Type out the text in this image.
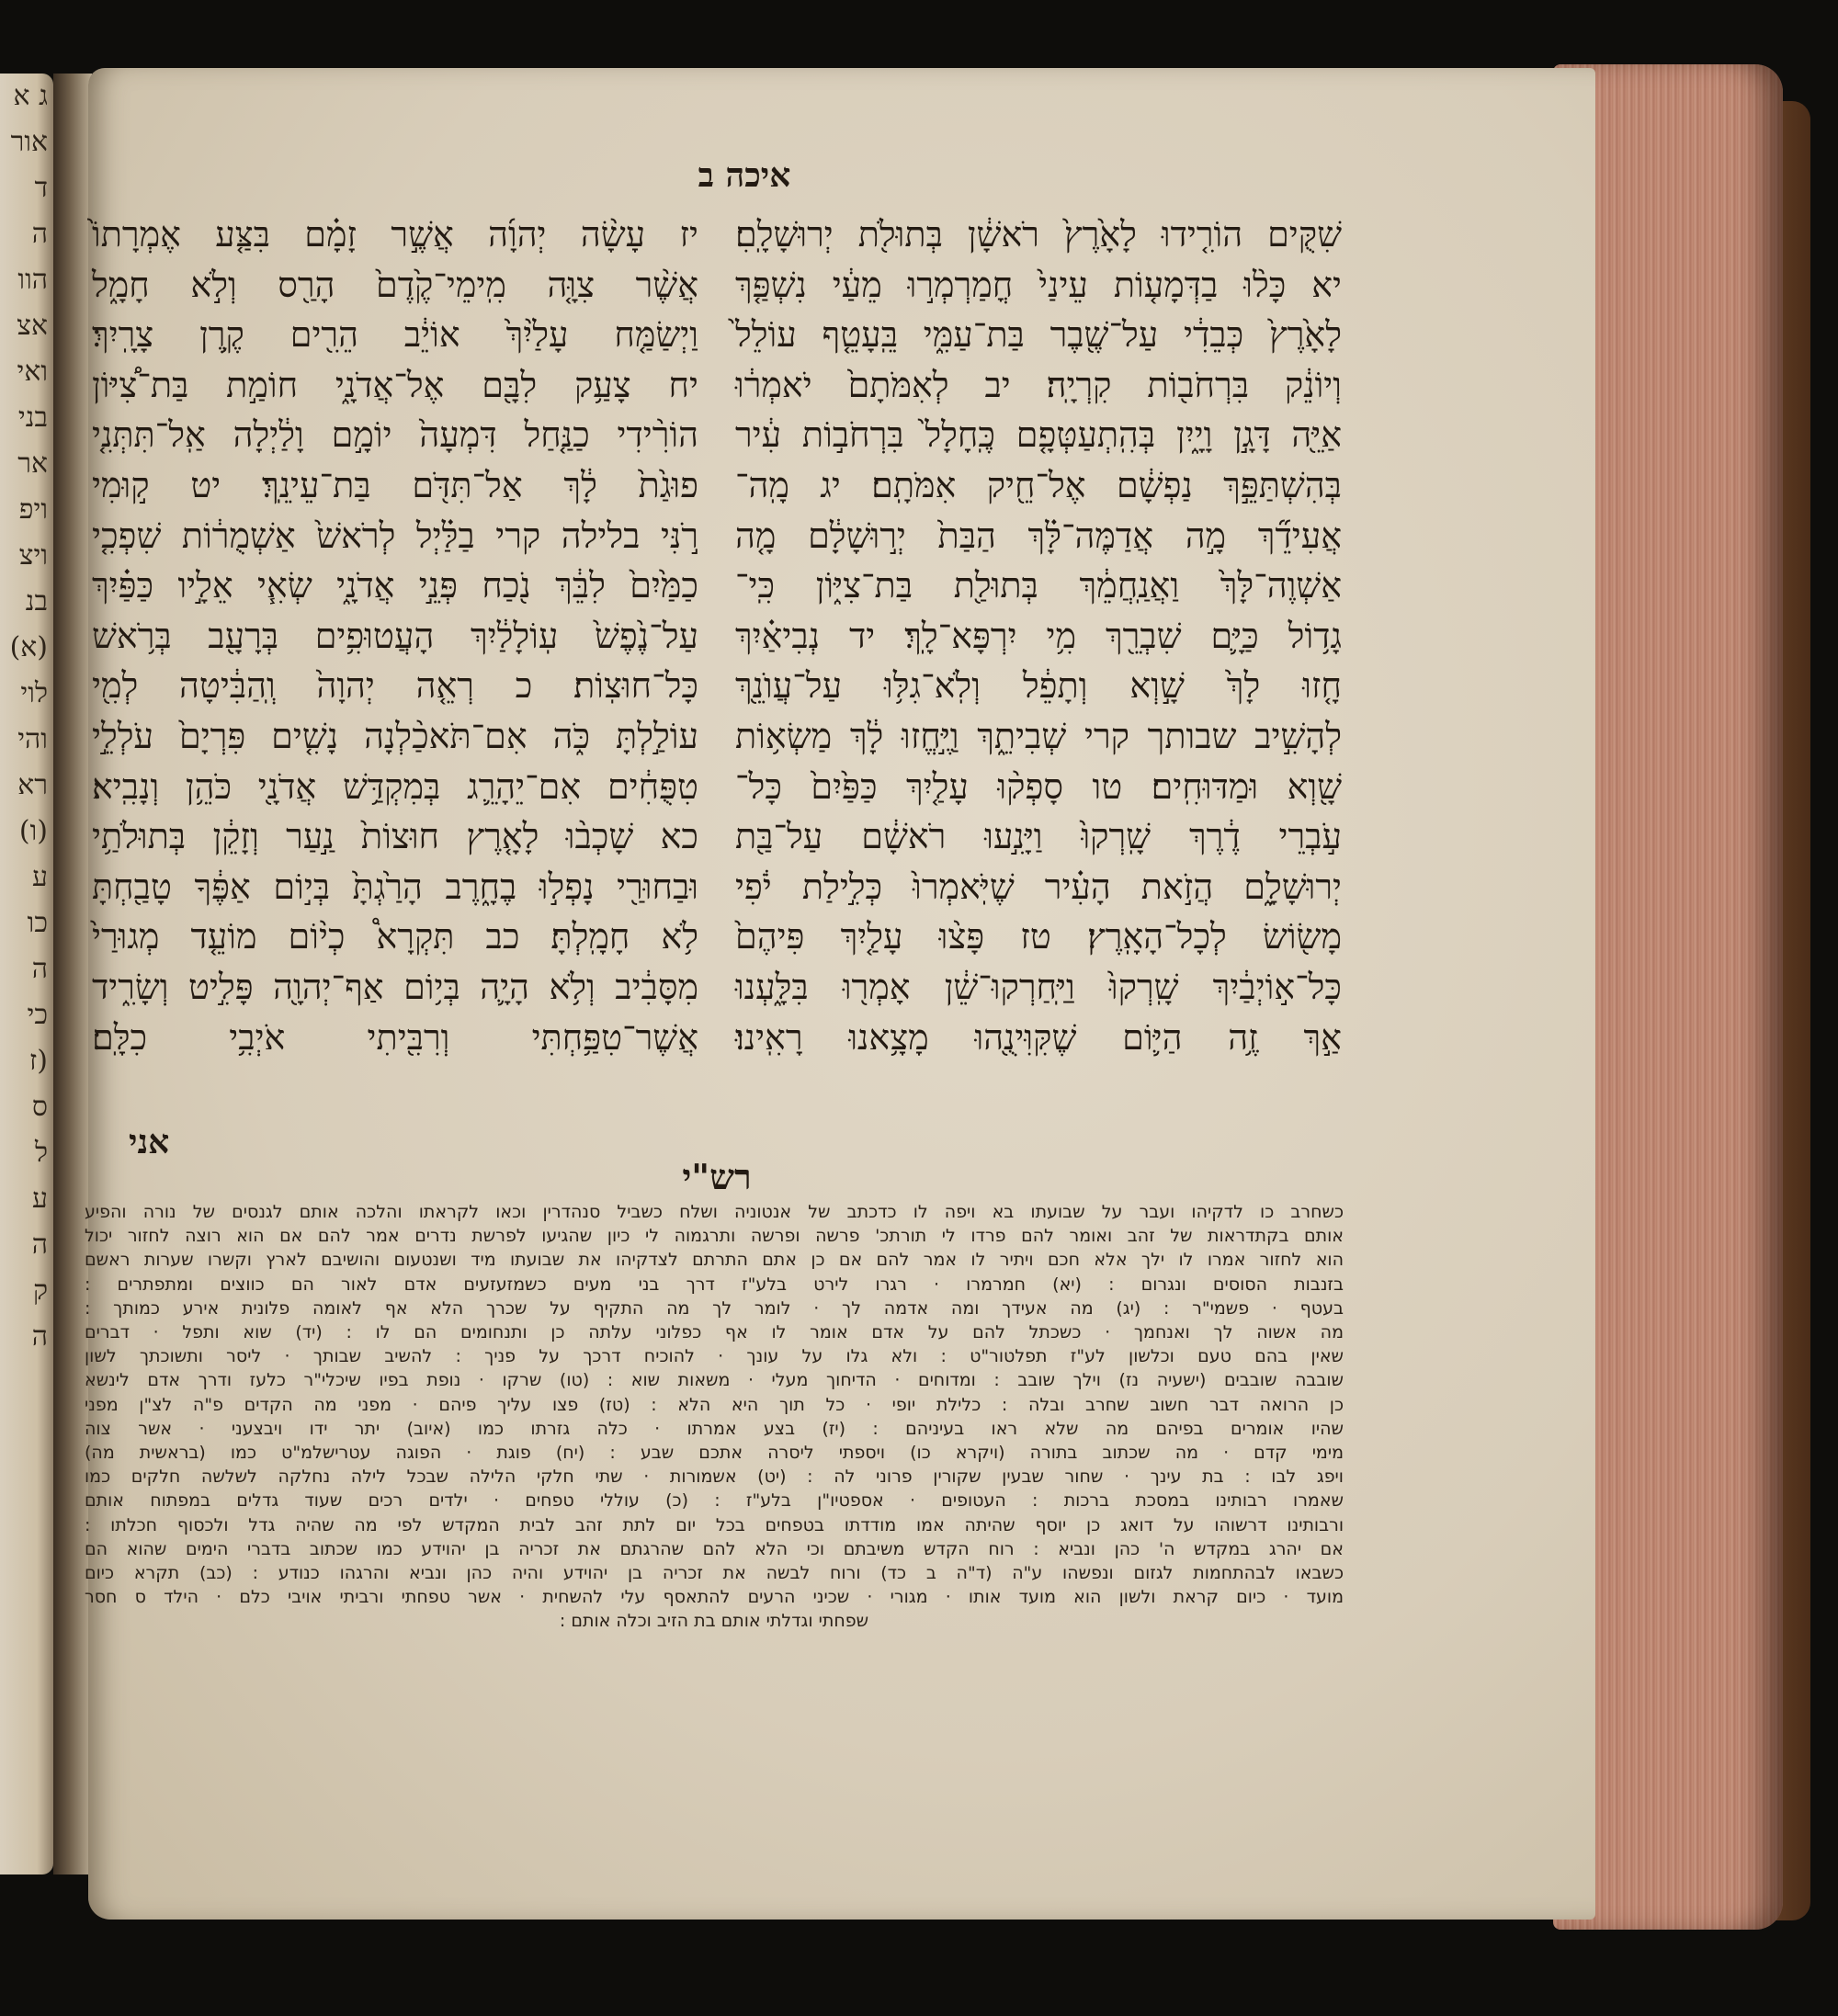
ג א
אור
ד
ה
הוו
אצ
ואי
בני
אר
ויפ
ויצ
בנ
(א)
לוי
והי
רא
(ו)
ע
כו
ה
כי
(ז
ס
ל
ע
ה
ק
ה
איכה ב
שִׁקֻּים הוֹרִ֤ידוּ לָאָ֙רֶץ֙ רֹאשָׁ֔ן בְּתוּלֹ֖ת יְרוּשָׁלָֽםִ׃
יא כָּל֨וּ בַדְּמָע֤וֹת עֵינַי֙ חֳמַרְמְר֣וּ מֵעַ֔י נִשְׁפַּ֤ךְ
לָאָ֙רֶץ֙ כְּבֵדִ֔י עַל־שֶׁ֖בֶר בַּת־עַמִּ֑י בֵּֽעָטֵ֤ף עוֹלֵל֙
וְיוֹנֵ֔ק בִּרְחֹב֖וֹת קִרְיָֽה׃ יב לְאִמֹּתָם֙ יֹאמְר֔וּ
אַיֵּ֖ה דָּגָ֣ן וָיָ֑יִן בְּהִֽתְעַטְּפָ֤ם כֶּֽחָלָל֙ בִּרְחֹב֣וֹת עִ֔יר
בְּהִשְׁתַּפֵּ֣ךְ נַפְשָׁ֔ם אֶל־חֵ֖יק אִמֹּתָֽם׃ יג מָֽה־
אֲעִידֵ֞ךְ מָ֣ה אֲדַמֶּה־לָּ֗ךְ הַבַּת֙ יְר֣וּשָׁלַ֔͏ִם מָ֤ה
אַשְׁוֶה־לָּךְ֙ וַאֲנַֽחֲמֵ֔ךְ בְּתוּלַ֖ת בַּת־צִיּ֑וֹן כִּֽי־
גָד֥וֹל כַּיָּ֛ם שִׁבְרֵ֖ךְ מִ֥י יִרְפָּא־לָֽךְ׃ יד נְבִיאַ֗יִךְ
חָ֤זוּ לָךְ֙ שָׁ֣וְא וְתָפֵ֔ל וְלֹֽא־גִלּ֥וּ עַל־עֲוֺנֵ֖ךְ
לְהָשִׁ֣יב שבותך קרי שְׁבִיתֵ֑ךְ וַיֶּ֣חֱזוּ לָ֔ךְ מַשְׂא֥וֹת
שָׁ֖וְא וּמַדּוּחִֽים׃ טו סָפְק֨וּ עָלַ֤יִךְ כַּפַּ֙יִם֙ כָּל־
עֹ֣בְרֵי דֶ֔רֶךְ שָֽׁרְקוּ֙ וַיָּנִ֣עוּ רֹאשָׁ֔ם עַל־בַּ֖ת
יְרוּשָׁלָ֑͏ִם הֲזֹ֣את הָעִ֗יר שֶׁיֹּֽאמְרוּ֙ כְּלִ֣ילַת יֹ֔פִי
מָשׂ֖וֹשׂ לְכָל־הָאָֽרֶץ׃ טז פָּצ֨וּ עָלַ֤יִךְ פִּיהֶם֙
כָּל־א֣וֹיְבַ֔יִךְ שָֽׁרְקוּ֙ וַיַּֽחַרְקוּ־שֵׁ֔ן אָמְר֖וּ בִּלָּ֑עְנוּ
אַ֣ךְ זֶ֥ה הַיּ֛וֹם שֶׁקִּוִּינֻ֖הוּ מָצָ֥אנוּ רָאִֽינוּ׃
יז עָשָׂ֨ה יְהוָ֜ה אֲשֶׁ֣ר זָמָ֗ם בִּצַּ֤ע אֶמְרָתוֹ֙
אֲשֶׁ֨ר צִוָּ֤ה מִֽימֵי־קֶ֙דֶם֙ הָרַ֖ס וְלֹ֣א חָמָ֑ל
וַיְשַׂמַּ֤ח עָלַ֙יִךְ֙ אוֹיֵ֔ב הֵרִ֖ים קֶ֥רֶן צָרָֽיִךְ׃
יח צָעַ֥ק לִבָּ֖ם אֶל־אֲדֹנָ֑י חוֹמַ֣ת בַּת־צִ֠יּוֹן
הוֹרִ֨ידִי כַנַּ֤חַל דִּמְעָה֙ יוֹמָ֣ם וָלַ֔יְלָה אַֽל־תִּתְּנִ֤י
פוּגַ֙ת֙ לָ֔ךְ אַל־תִּדֹּ֖ם בַּת־עֵינֵֽךְ׃ יט ק֣וּמִי
רֹ֣נִּי בלילה קרי בַלַּ֗יְל לְרֹאשׁ֙ אַשְׁמֻר֔וֹת שִׁפְכִ֤י
כַמַּ֙יִם֙ לִבֵּ֔ךְ נֹ֖כַח פְּנֵ֣י אֲדֹנָ֑י שְׂאִ֧י אֵלָ֣יו כַּפַּ֗יִךְ
עַל־נֶ֙פֶשׁ֙ עֽוֹלָלַ֔יִךְ הָעֲטוּפִ֥ים בְּרָעָ֖ב בְּרֹ֥אשׁ
כָּל־חוּצֽוֹת׃ כ רְאֵ֤ה יְהוָה֙ וְֽהַבִּ֔יטָה לְמִ֖י
עוֹלַ֣לְתָּ כֹּ֑ה אִם־תֹּאכַ֨לְנָה נָשִׁ֤ים פִּרְיָם֙ עֹלְלֵ֣י
טִפֻּחִ֔ים אִם־יֵהָרֵ֛ג בְּמִקְדַּ֥שׁ אֲדֹנָ֖י כֹּהֵ֥ן וְנָבִֽיא׃
כא שָׁכְב֨וּ לָאָ֤רֶץ חוּצוֹת֙ נַ֣עַר וְזָקֵ֔ן בְּתוּלֹתַ֥י
וּבַחוּרַ֖י נָפְל֣וּ בֶחָ֑רֶב הָרַ֙גְתָּ֙ בְּי֣וֹם אַפֶּ֔ךָ טָבַ֖חְתָּ
לֹ֥א חָמָֽלְתָּ׃ כב תִּקְרָא֩ כְי֨וֹם מוֹעֵ֤ד מְגוּרַי֙
מִסָּבִ֔יב וְלֹ֥א הָיָ֛ה בְּי֥וֹם אַף־יְהוָ֖ה פָּלִ֣יט וְשָׂרִ֑יד
אֲשֶׁר־טִפַּ֥חְתִּי וְרִבִּ֖יתִי אֹיְבִ֥י כִלָּֽם׃
אני
רש"י
כשחרב כו לדקיהו ועבר על שבועתו בא ויפה לו כדכתב של אנטוניה ושלח כשביל סנהדרין וכאו לקראתו והלכה אותם לגנסים של נורה והפיע
אותם בקתדראות של זהב ואומר להם פרדו לי תורתכ' פרשה ופרשה ותרגמוה לי כיון שהגיעו לפרשת נדרים אמר להם אם הוא רוצה לחזור יכול
הוא לחזור אמרו לו ילך אלא חכם ויתיר לו אמר להם אם כן אתם התרתם לצדקיהו את שבועתו מיד ושנטעום והושיבם לארץ וקשרו שערות ראשם
בזנבות הסוסים ונגרום : (יא) חמרמרו · רגרו לירט בלע"ז דרך בני מעים כשמזעזעים אדם לאור הם כווצים ומתפתרים :
בעטף · פשמי"ר : (יג) מה אעידך ומה אדמה לך · לומר לך מה התקיף על שכרך הלא אף לאומה פלונית אירע כמותך :
מה אשוה לך ואנחמך · כשכתל להם על אדם אומר לו אף כפלוני עלתה כן ותנחומים הם לו : (יד) שוא ותפל · דברים
שאין בהם טעם וכלשון לע"ז תפלטור"ט : ולא גלו על עונך · להוכיח דרכך על פניך : להשיב שבותך · ליסר ותשוכתך לשון
שובבה שובבים (ישעיה נז) וילך שובב : ומדוחים · הדיחוך מעלי · משאות שוא : (טו) שרקו · נופת בפיו שיכלי"ר כלעז ודרך אדם לינשא
כן הרואה דבר חשוב שחרב ובלה : כלילת יופי · כל תוך היא הלא : (טז) פצו עליך פיהם · מפני מה הקדים פ"ה לצ"ן מפני
שהיו אומרים בפיהם מה שלא ראו בעיניהם : (יז) בצע אמרתו · כלה גזרתו כמו (איוב) יתר ידו ויבצעני · אשר צוה
מימי קדם · מה שכתוב בתורה (ויקרא כו) ויספתי ליסרה אתכם שבע : (יח) פוגת · הפוגה עטרישלמ"ט כמו (בראשית מה)
ויפג לבו : בת עינך · שחור שבעין שקורין פרוני לה : (יט) אשמורות · שתי חלקי הלילה שבכל לילה נחלקה לשלשה חלקים כמו
שאמרו רבותינו במסכת ברכות : העטופים · אספטיו"ן בלע"ז : (כ) עוללי טפחים · ילדים רכים שעוד גדלים במפתוח אותם
ורבותינו דרשוהו על דואג כן יוסף שהיתה אמו מודדתו בטפחים בכל יום לתת זהב לבית המקדש לפי מה שהיה גדל ולכסוף חכלתו :
אם יהרג במקדש ה' כהן ונביא : רוח הקדש משיבתם וכי הלא להם שהרגתם את זכריה בן יהוידע כמו שכתוב בדברי הימים שהוא הם
כשבאו לבהתחמות לגזום ונפשהו ע"ה (ד"ה ב כד) ורוח לבשה את זכריה בן יהוידע והיה כהן ונביא והרגהו כנודע : (כב) תקרא כיום
מועד · כיום קראת ולשון הוא מועד אותו · מגורי · שכיני הרעים להתאסף עלי להשחית · אשר טפחתי ורביתי אויבי כלם · הילד ס חסר
שפחתי וגדלתי אותם בת הזיב וכלה אותם :
